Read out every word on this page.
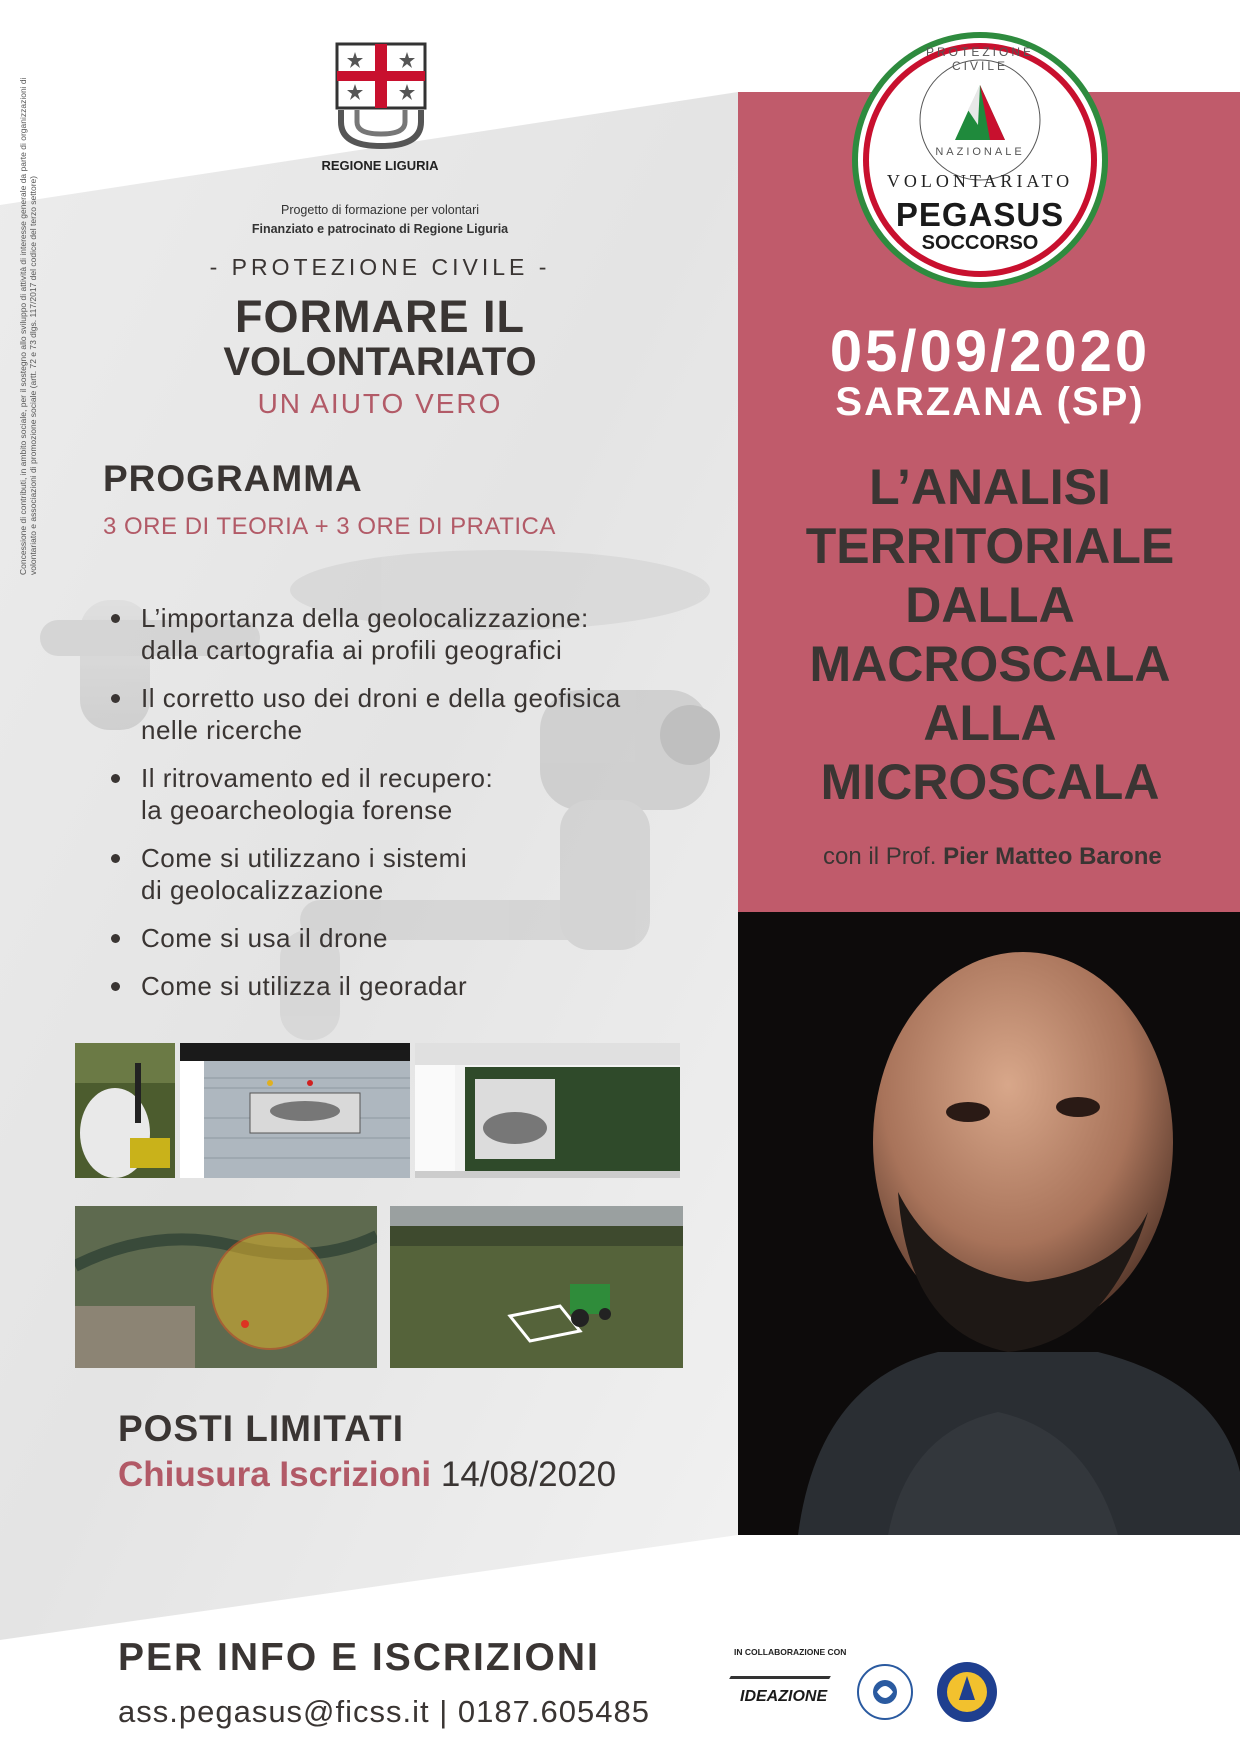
Concessione di contributi, in ambito sociale, per il sostegno allo sviluppo di attività di interesse generale da parte di organizzazioni di volontariato e associazioni di promozione sociale (artt. 72 e 73 dlgs. 117/2017 del codice del terzo settore)
REGIONE LIGURIA
Progetto di formazione per volontari
Finanziato e patrocinato di Regione Liguria
- PROTEZIONE CIVILE -
FORMARE IL
VOLONTARIATO
UN AIUTO VERO
PROGRAMMA
3 ORE DI TEORIA + 3 ORE DI PRATICA
L’importanza della geolocalizzazione:
dalla cartografia ai profili geografici
Il corretto uso dei droni e della geofisica
nelle ricerche
Il ritrovamento ed il recupero:
la geoarcheologia forense
Come si utilizzano i sistemi
di geolocalizzazione
Come si usa il drone
Come si utilizza il georadar
POSTI LIMITATI
Chiusura Iscrizioni 14/08/2020
PER INFO E ISCRIZIONI
ass.pegasus@ficss.it | 0187.605485
PROTEZIONE CIVILE
NAZIONALE
VOLONTARIATO
PEGASUS
SOCCORSO
05/09/2020
SARZANA (SP)
L’ANALISI
TERRITORIALE
DALLA
MACROSCALA
ALLA
MICROSCALA
con il Prof. Pier Matteo Barone
IN COLLABORAZIONE CON
IDEAZIONE
